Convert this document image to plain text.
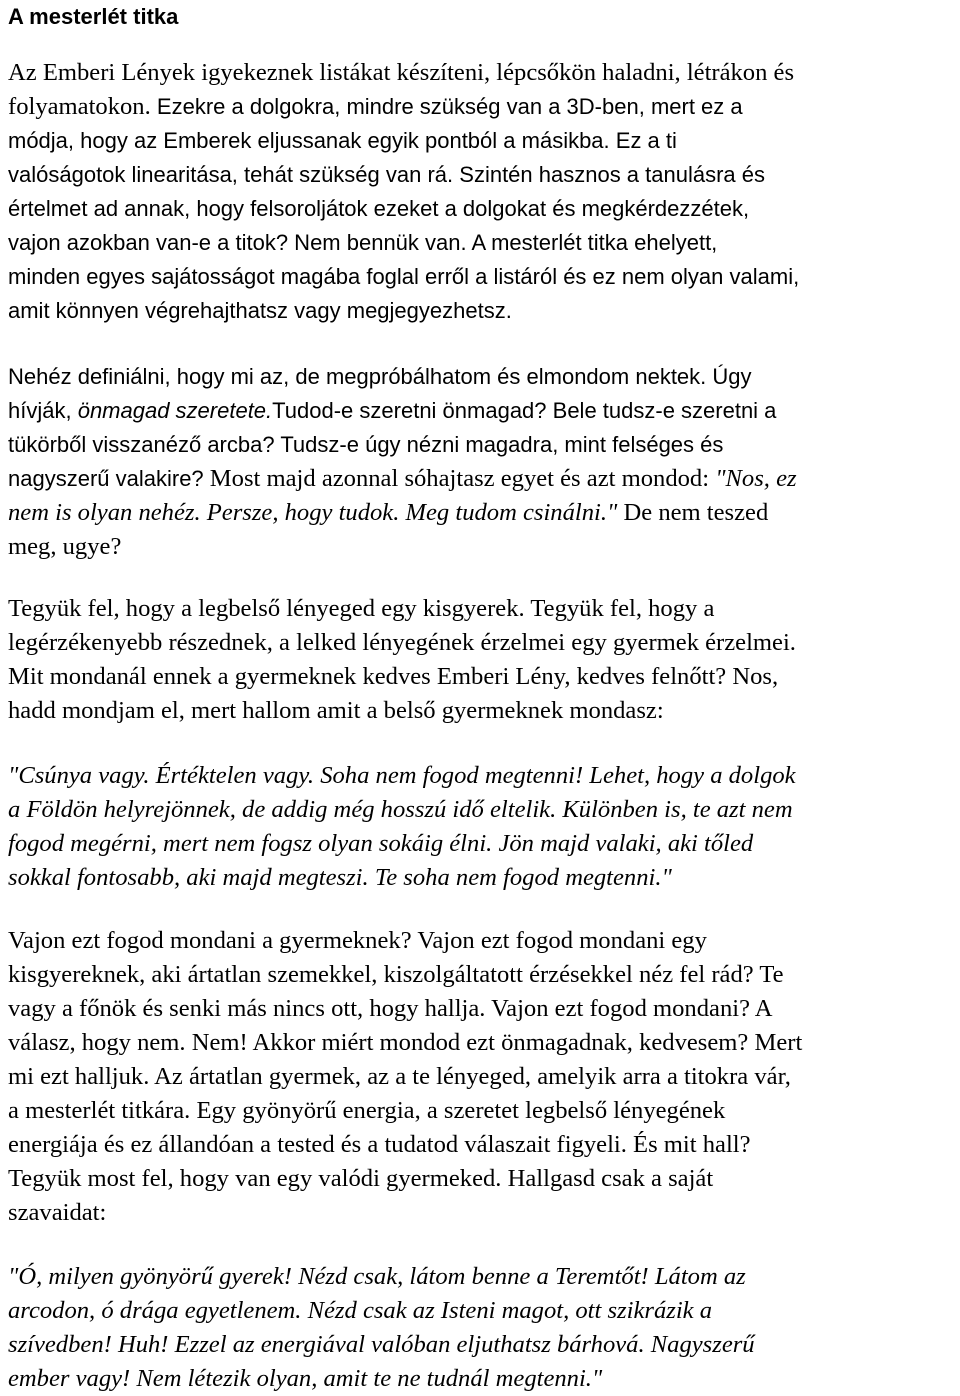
A mesterlét titka
Az Emberi Lények igyekeznek listákat készíteni, lépcsőkön haladni, létrákon és
folyamatokon. Ezekre a dolgokra, mindre szükség van a 3D-ben, mert ez a
módja, hogy az Emberek eljussanak egyik pontból a másikba. Ez a ti
valóságotok linearitása, tehát szükség van rá. Szintén hasznos a tanulásra és
értelmet ad annak, hogy felsoroljátok ezeket a dolgokat és megkérdezzétek,
vajon azokban van-e a titok? Nem bennük van. A mesterlét titka ehelyett,
minden egyes sajátosságot magába foglal erről a listáról és ez nem olyan valami,
amit könnyen végrehajthatsz vagy megjegyezhetsz.
Nehéz definiálni, hogy mi az, de megpróbálhatom és elmondom nektek. Úgy
hívják, önmagad szeretete.Tudod-e szeretni önmagad? Bele tudsz-e szeretni a
tükörből visszanéző arcba? Tudsz-e úgy nézni magadra, mint felséges és
nagyszerű valakire? Most majd azonnal sóhajtasz egyet és azt mondod: "Nos, ez
nem is olyan nehéz. Persze, hogy tudok. Meg tudom csinálni." De nem teszed
meg, ugye?
Tegyük fel, hogy a legbelső lényeged egy kisgyerek. Tegyük fel, hogy a
legérzékenyebb részednek, a lelked lényegének érzelmei egy gyermek érzelmei.
Mit mondanál ennek a gyermeknek kedves Emberi Lény, kedves felnőtt? Nos,
hadd mondjam el, mert hallom amit a belső gyermeknek mondasz:
"Csúnya vagy. Értéktelen vagy. Soha nem fogod megtenni! Lehet, hogy a dolgok
a Földön helyrejönnek, de addig még hosszú idő eltelik. Különben is, te azt nem
fogod megérni, mert nem fogsz olyan sokáig élni. Jön majd valaki, aki tőled
sokkal fontosabb, aki majd megteszi. Te soha nem fogod megtenni."
Vajon ezt fogod mondani a gyermeknek? Vajon ezt fogod mondani egy
kisgyereknek, aki ártatlan szemekkel, kiszolgáltatott érzésekkel néz fel rád? Te
vagy a főnök és senki más nincs ott, hogy hallja. Vajon ezt fogod mondani? A
válasz, hogy nem. Nem! Akkor miért mondod ezt önmagadnak, kedvesem? Mert
mi ezt halljuk. Az ártatlan gyermek, az a te lényeged, amelyik arra a titokra vár,
a mesterlét titkára. Egy gyönyörű energia, a szeretet legbelső lényegének
energiája és ez állandóan a tested és a tudatod válaszait figyeli. És mit hall?
Tegyük most fel, hogy van egy valódi gyermeked. Hallgasd csak a saját
szavaidat:
"Ó, milyen gyönyörű gyerek! Nézd csak, látom benne a Teremtőt! Látom az
arcodon, ó drága egyetlenem. Nézd csak az Isteni magot, ott szikrázik a
szívedben! Huh! Ezzel az energiával valóban eljuthatsz bárhová. Nagyszerű
ember vagy! Nem létezik olyan, amit te ne tudnál megtenni."
